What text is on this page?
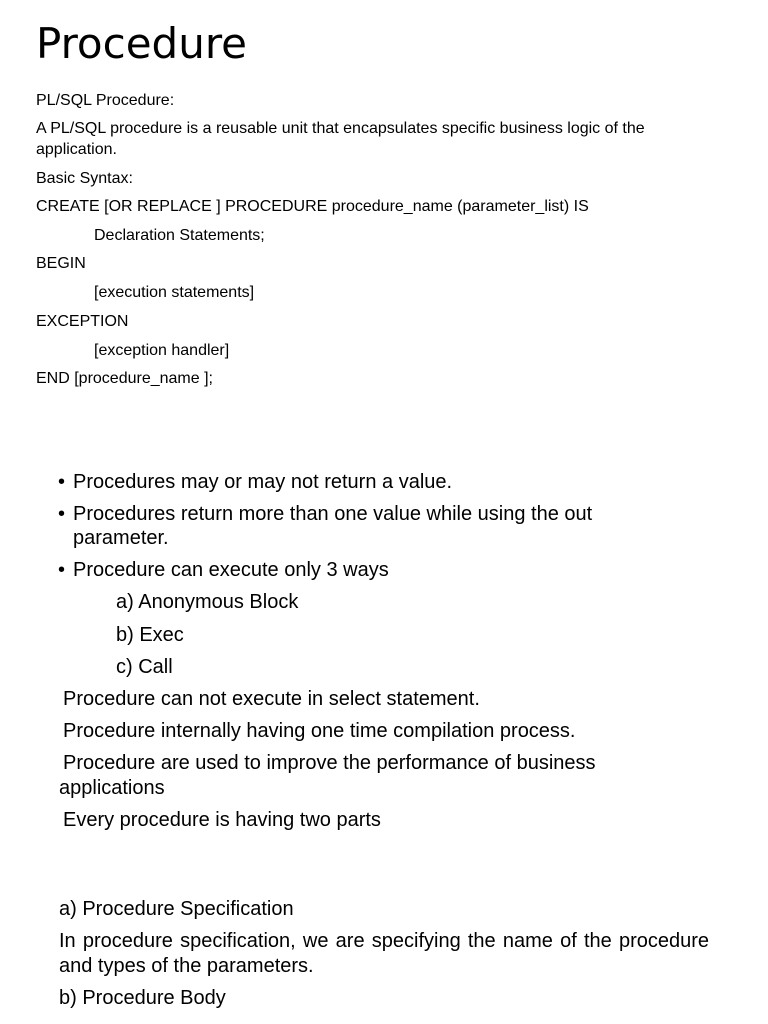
Procedure
PL/SQL Procedure:
A PL/SQL procedure is a reusable unit that encapsulates specific business logic of the
application.
Basic Syntax:
CREATE [OR REPLACE ] PROCEDURE procedure_name (parameter_list) IS
Declaration Statements;
BEGIN
[execution statements]
EXCEPTION
[exception handler]
END [procedure_name ];
• Procedures may or may not return a value.
• Procedures return more than one value while using the out
parameter.
• Procedure can execute only 3 ways
a) Anonymous Block
b) Exec
c) Call
Procedure can not execute in select statement.
Procedure internally having one time compilation process.
Procedure are used to improve the performance of business
applications
Every procedure is having two parts
a) Procedure Specification
In procedure specification, we are specifying the name of the procedure and types of the parameters.
b) Procedure Body
